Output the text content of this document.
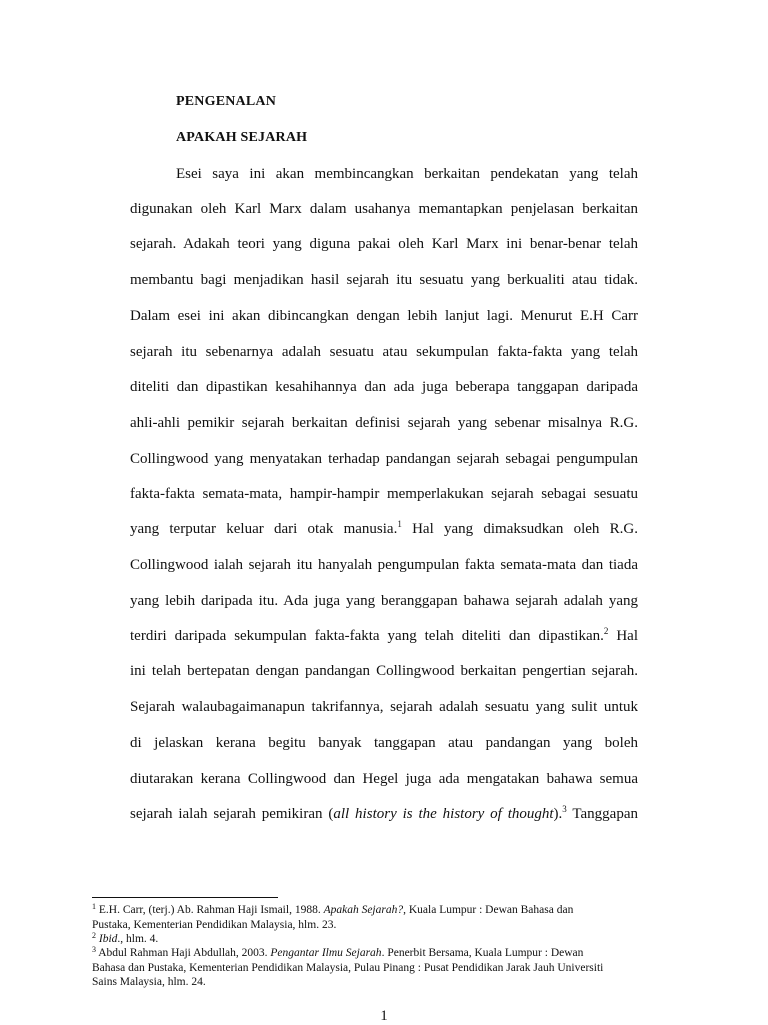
PENGENALAN
APAKAH SEJARAH
Esei saya ini akan membincangkan berkaitan pendekatan yang telah
digunakan oleh Karl Marx dalam usahanya memantapkan penjelasan berkaitan
sejarah. Adakah teori yang diguna pakai oleh Karl Marx ini benar-benar telah
membantu bagi menjadikan hasil sejarah itu sesuatu yang berkualiti atau tidak.
Dalam esei ini akan dibincangkan dengan lebih lanjut lagi. Menurut E.H Carr
sejarah itu sebenarnya adalah sesuatu atau sekumpulan fakta-fakta yang telah
diteliti dan dipastikan kesahihannya dan ada juga beberapa tanggapan daripada
ahli-ahli pemikir sejarah berkaitan definisi sejarah yang sebenar misalnya R.G.
Collingwood yang menyatakan terhadap pandangan sejarah sebagai pengumpulan
fakta-fakta semata-mata, hampir-hampir memperlakukan sejarah sebagai sesuatu
yang terputar keluar dari otak manusia.$^1$ Hal yang dimaksudkan oleh R.G.
Collingwood ialah sejarah itu hanyalah pengumpulan fakta semata-mata dan tiada
yang lebih daripada itu. Ada juga yang beranggapan bahawa sejarah adalah yang
terdiri daripada sekumpulan fakta-fakta yang telah diteliti dan dipastikan.$^2$ Hal
ini telah bertepatan dengan pandangan Collingwood berkaitan pengertian sejarah.
Sejarah walaubagaimanapun takrifannya, sejarah adalah sesuatu yang sulit untuk
di jelaskan kerana begitu banyak tanggapan atau pandangan yang boleh
diutarakan kerana Collingwood dan Hegel juga ada mengatakan bahawa semua
sejarah ialah sejarah pemikiran (all history is the history of thought).$^3$ Tanggapan
$^1$ E.H. Carr, (terj.) Ab. Rahman Haji Ismail, 1988. Apakah Sejarah?, Kuala Lumpur : Dewan Bahasa dan
Pustaka, Kementerian Pendidikan Malaysia, hlm. 23.
$^2$ Ibid., hlm. 4.
$^3$ Abdul Rahman Haji Abdullah, 2003. Pengantar Ilmu Sejarah. Penerbit Bersama, Kuala Lumpur : Dewan
Bahasa dan Pustaka, Kementerian Pendidikan Malaysia, Pulau Pinang : Pusat Pendidikan Jarak Jauh Universiti
Sains Malaysia, hlm. 24.
1
